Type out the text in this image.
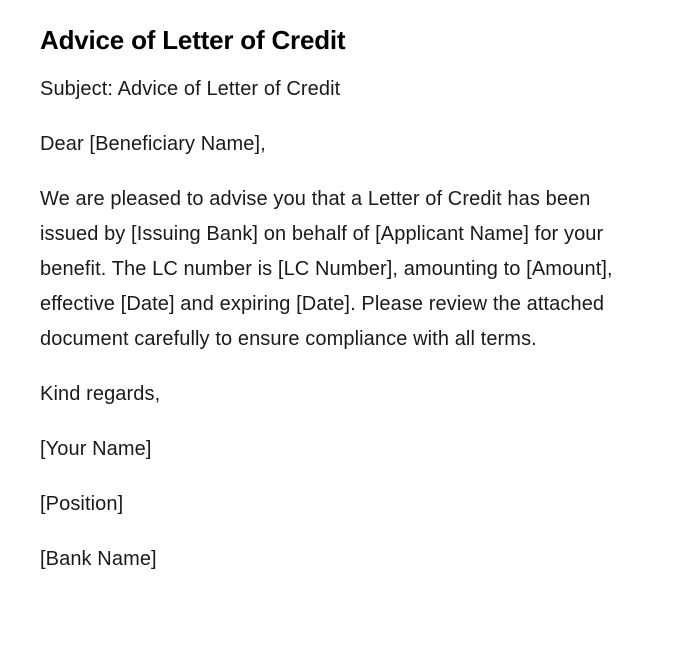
Advice of Letter of Credit

Subject: Advice of Letter of Credit

Dear [Beneficiary Name],

We are pleased to advise you that a Letter of Credit has been issued by [Issuing Bank] on behalf of [Applicant Name] for your benefit. The LC number is [LC Number], amounting to [Amount], effective [Date] and expiring [Date]. Please review the attached document carefully to ensure compliance with all terms.

Kind regards,

[Your Name]

[Position]

[Bank Name]
